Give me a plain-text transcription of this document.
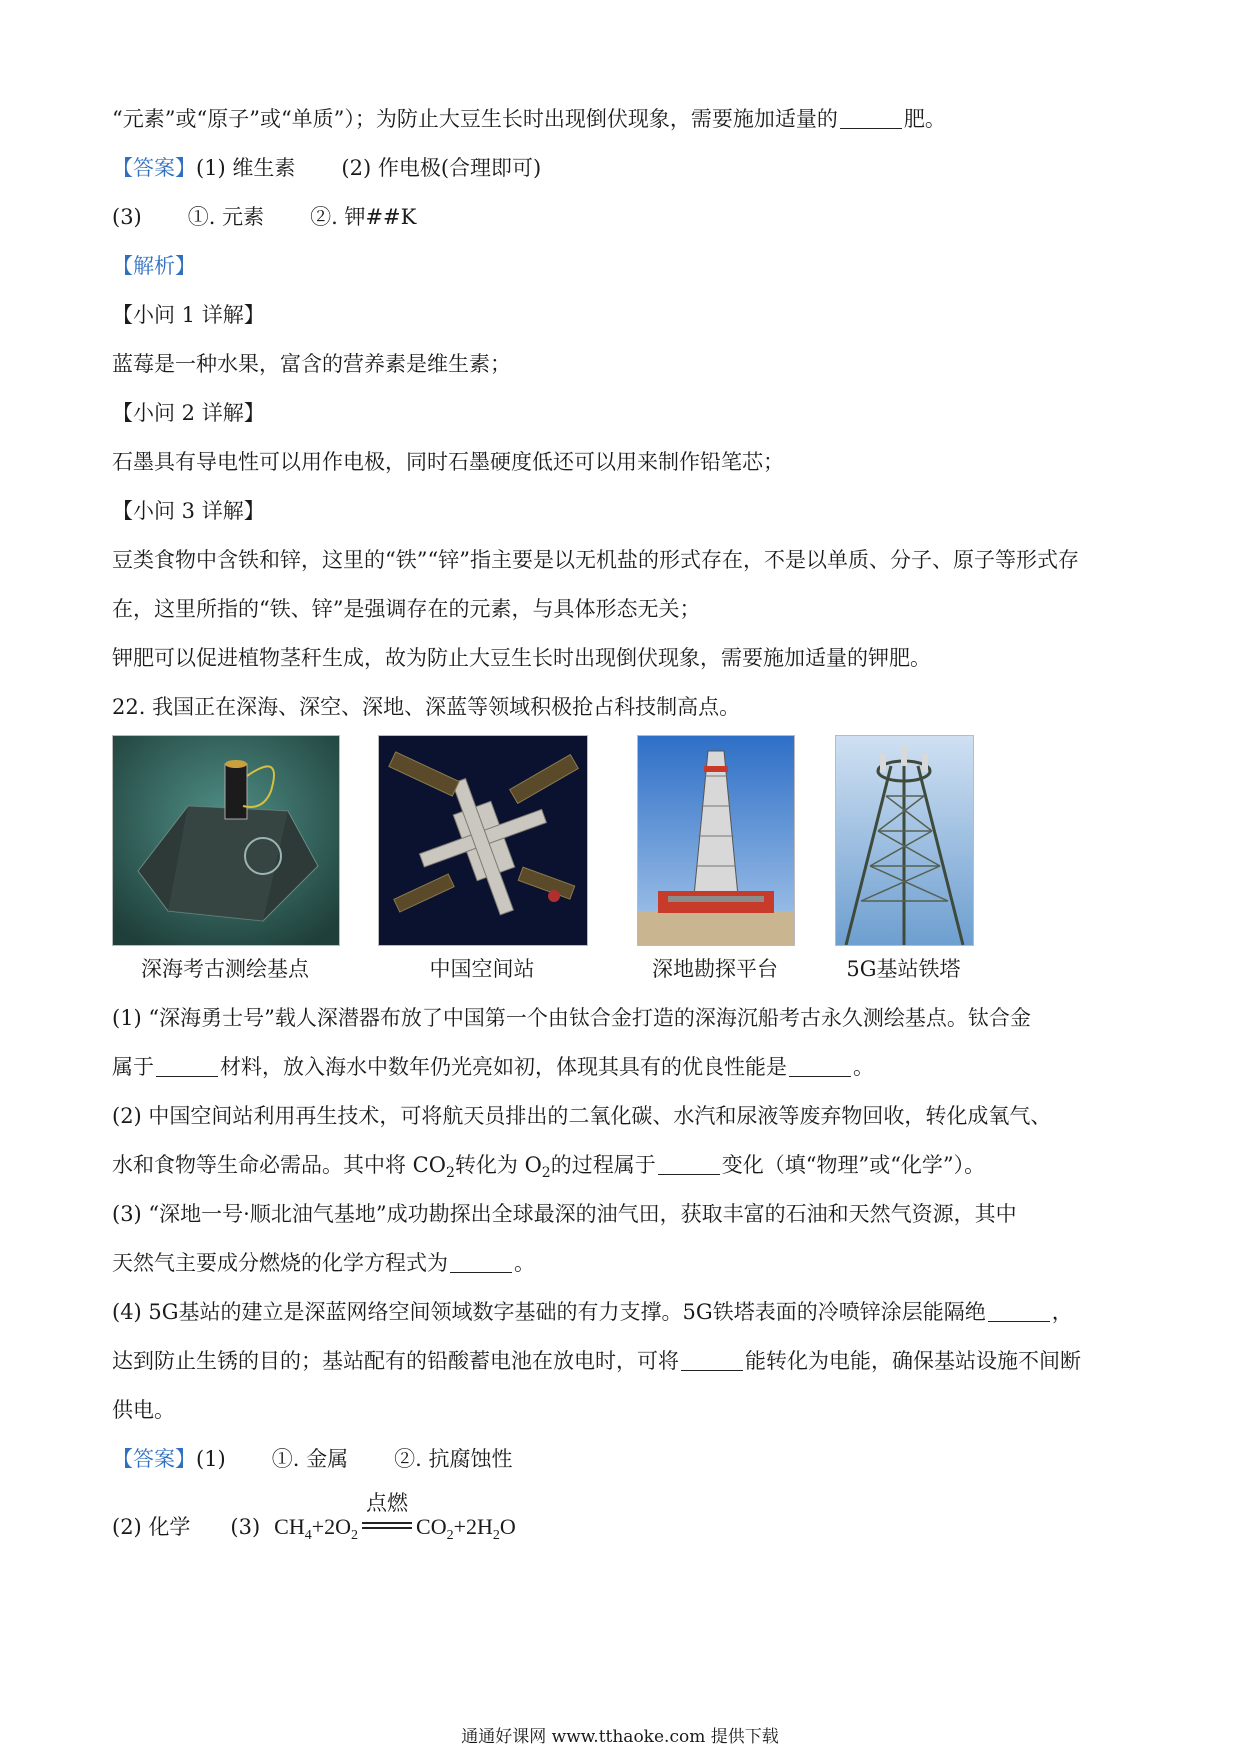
“元素”或“原子”或“单质”）；为防止大豆生长时出现倒伏现象，需要施加适量的	肥。
【答案】(1) 维生素 (2) 作电极(合理即可)
(3) ①. 元素 ②. 钾##K
【解析】
【小问 1 详解】
蓝莓是一种水果，富含的营养素是维生素；
【小问 2 详解】
石墨具有导电性可以用作电极，同时石墨硬度低还可以用来制作铅笔芯；
【小问 3 详解】
豆类食物中含铁和锌，这里的“铁”“锌”指主要是以无机盐的形式存在，不是以单质、分子、原子等形式存
在，这里所指的“铁、锌”是强调存在的元素，与具体形态无关；
钾肥可以促进植物茎秆生成，故为防止大豆生长时出现倒伏现象，需要施加适量的钾肥。
22. 我国正在深海、深空、深地、深蓝等领域积极抢占科技制高点。
深海考古测绘基点	中国空间站	深地勘探平台	5G基站铁塔
(1) “深海勇士号”载人深潜器布放了中国第一个由钛合金打造的深海沉船考古永久测绘基点。钛合金
属于	材料，放入海水中数年仍光亮如初，体现其具有的优良性能是	。
(2) 中国空间站利用再生技术，可将航天员排出的二氧化碳、水汽和尿液等废弃物回收，转化成氧气、
水和食物等生命必需品。其中将 $CO_2$转化为 $O_2$的过程属于	变化（填“物理”或“化学”）。
(3) “深地一号·顺北油气基地”成功勘探出全球最深的油气田，获取丰富的石油和天然气资源，其中
天然气主要成分燃烧的化学方程式为	。
(4) 5G基站的建立是深蓝网络空间领域数字基础的有力支撑。5G铁塔表面的冷喷锌涂层能隔绝	，
达到防止生锈的目的；基站配有的铅酸蓄电池在放电时，可将	能转化为电能，确保基站设施不间断
供电。
【答案】(1) ①. 金属 ②. 抗腐蚀性
(2) 化学 (3) $CH_4+2O_2$
点燃
$CO_2+2H_2O$
通通好课网 www.tthaoke.com 提供下载
